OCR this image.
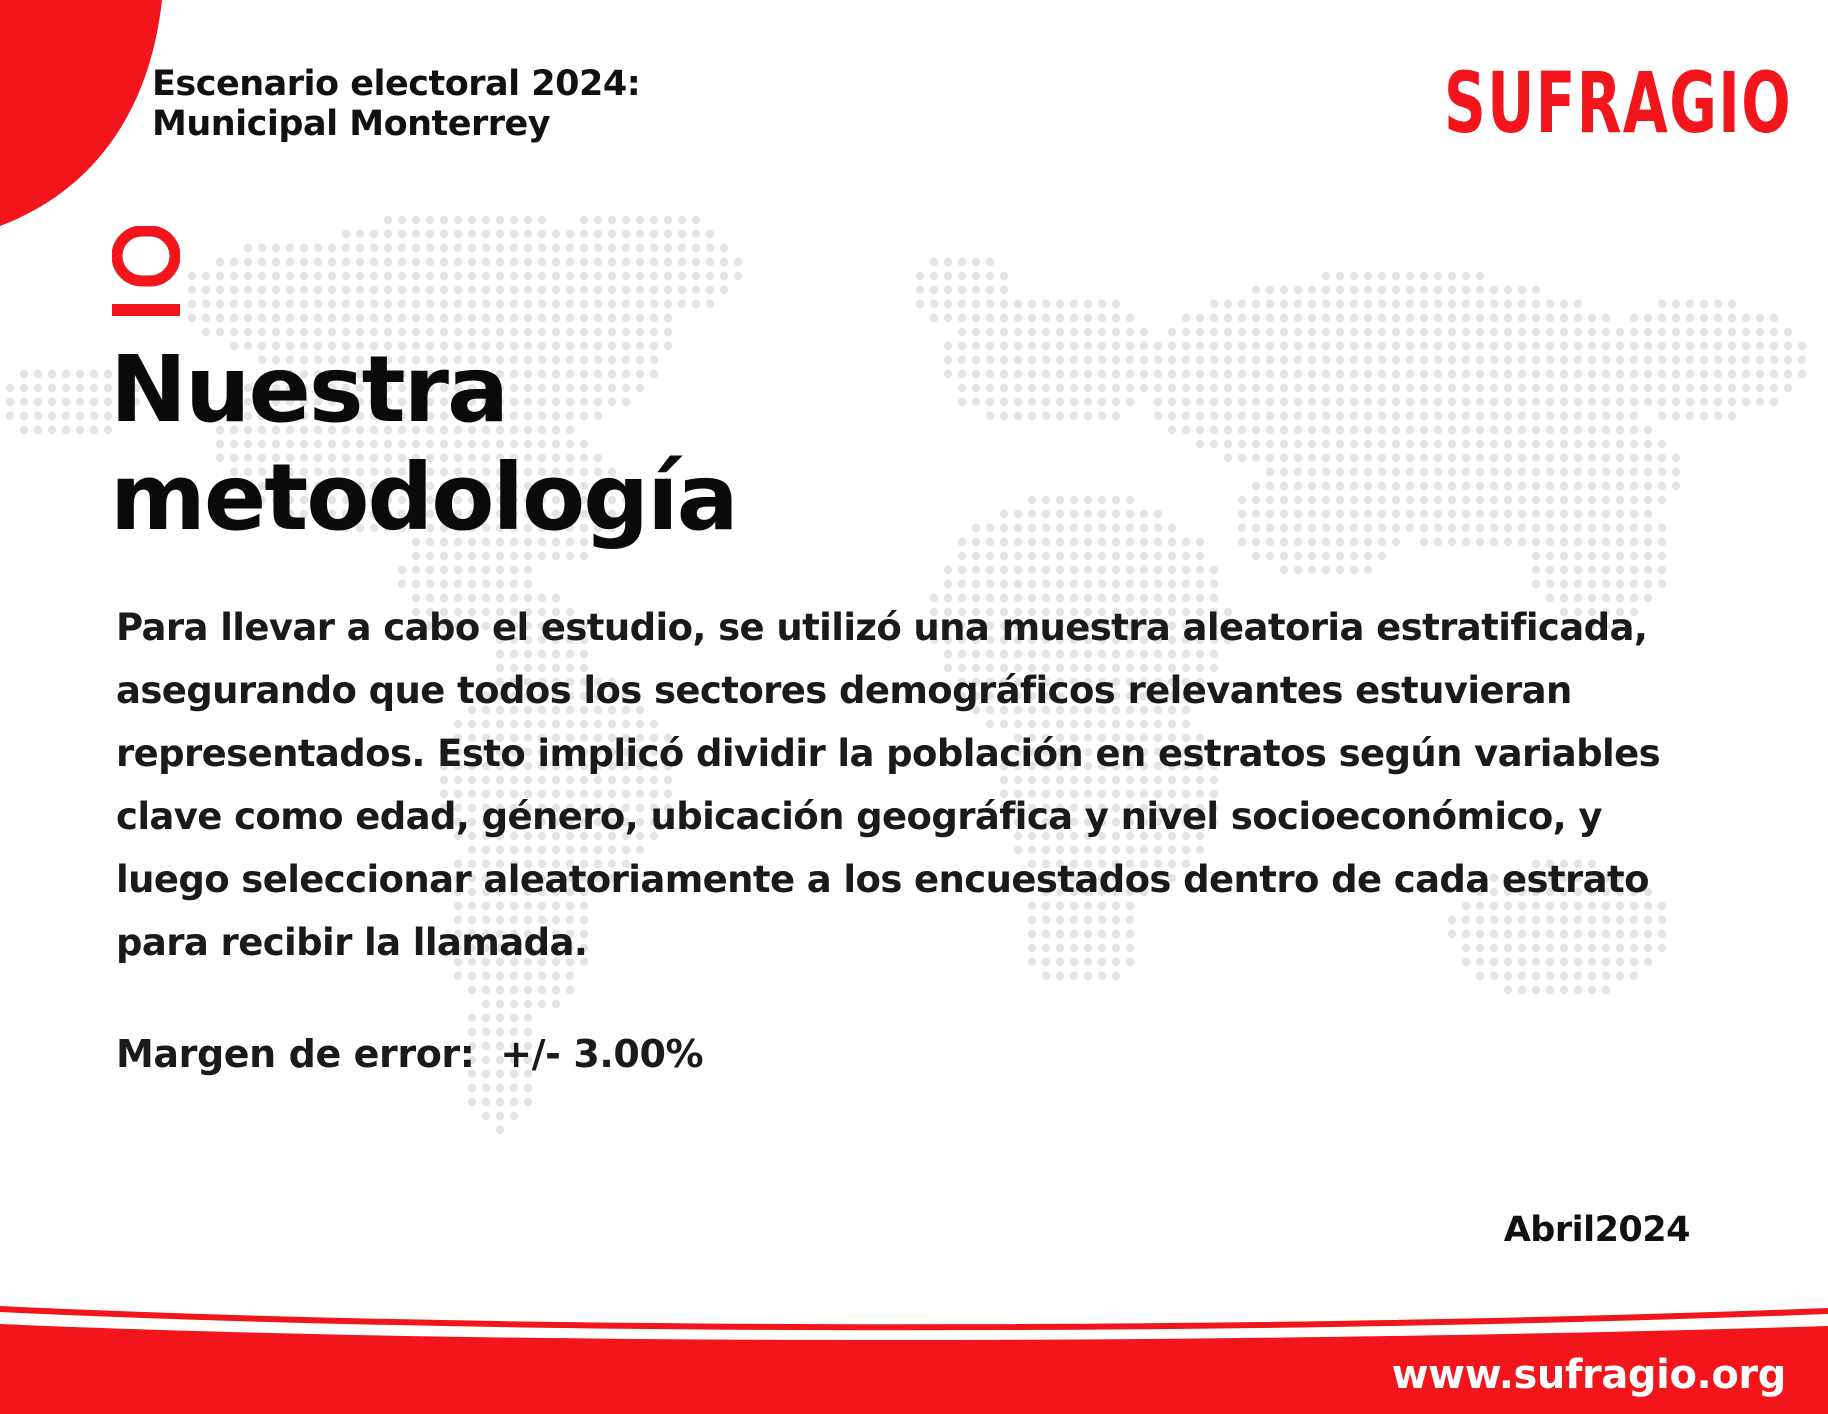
Escenario electoral 2024:
Municipal Monterrey	SUFRAGIO
Nuestra
metodología
Para llevar a cabo el estudio, se utilizó una muestra aleatoria estratificada,
asegurando que todos los sectores demográficos relevantes estuvieran
representados. Esto implicó dividir la población en estratos según variables
clave como edad, género, ubicación geográfica y nivel socioeconómico, y
luego seleccionar aleatoriamente a los encuestados dentro de cada estrato
para recibir la llamada.
Margen de error:  +/- 3.00%
Abril2024
www.sufragio.org
